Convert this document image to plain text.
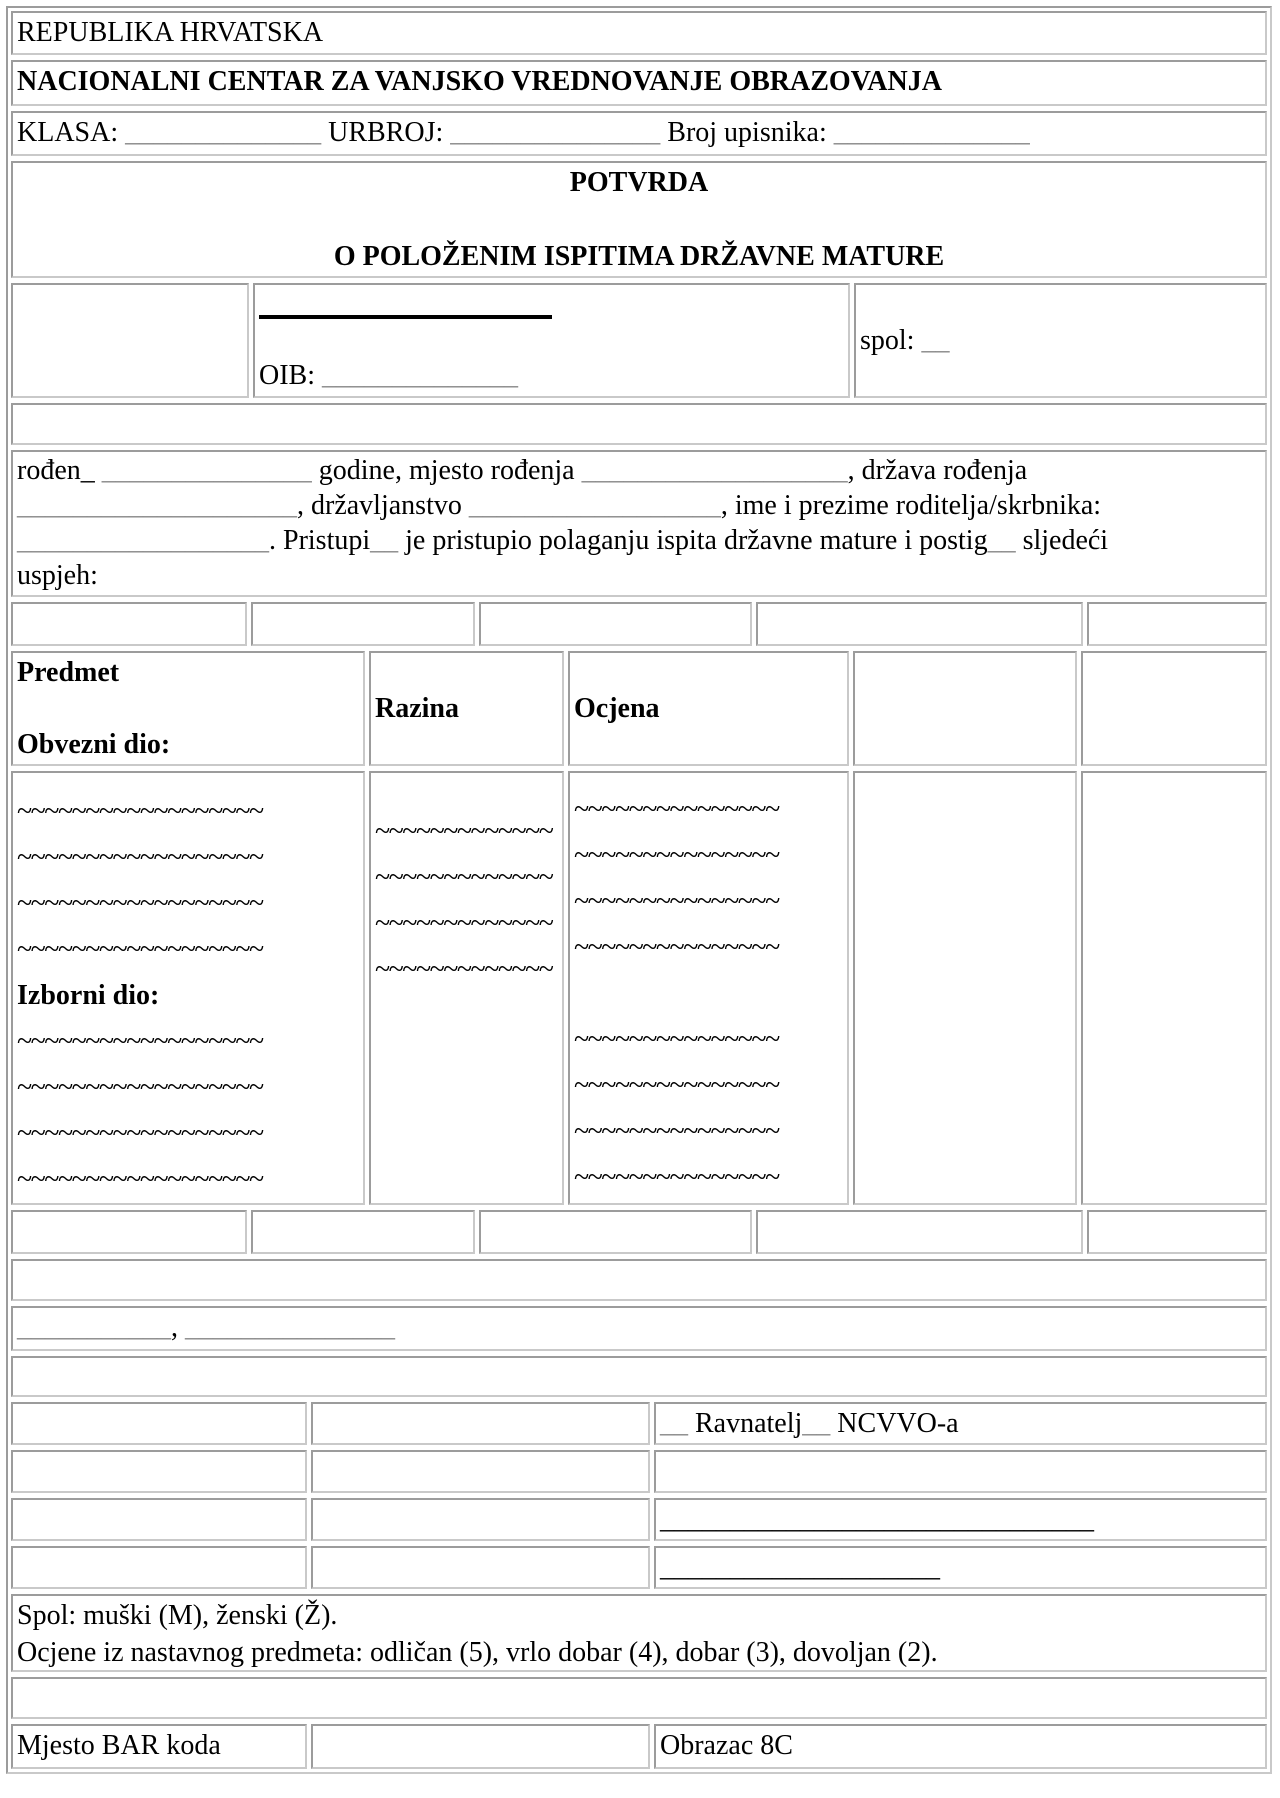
REPUBLIKA HRVATSKA
NACIONALNI CENTAR ZA VANJSKO VREDNOVANJE OBRAZOVANJA
KLASA: ______________ URBROJ: _______________ Broj upisnika: ______________
POTVRDA

O POLOŽENIM ISPITIMA DRŽAVNE MATURE
OIB: ______________
spol: __
rođen_ _______________ godine, mjesto rođenja ___________________, država rođenja
____________________, državljanstvo __________________, ime i prezime roditelja/skrbnika:
__________________. Pristupi__ je pristupio polaganju ispita državne mature i postig__ sljedeći
uspjeh:
Predmet

Obvezni dio:
Razina	Ocjena
~~~~~~~~~~~~~~~~~~
~~~~~~~~~~~~~~~~~~
~~~~~~~~~~~~~~~~~~
~~~~~~~~~~~~~~~~~~
Izborni dio:
~~~~~~~~~~~~~~~~~~
~~~~~~~~~~~~~~~~~~
~~~~~~~~~~~~~~~~~~
~~~~~~~~~~~~~~~~~~
~~~~~~~~~~~~~
~~~~~~~~~~~~~
~~~~~~~~~~~~~
~~~~~~~~~~~~~
~~~~~~~~~~~~~~~
~~~~~~~~~~~~~~~
~~~~~~~~~~~~~~~
~~~~~~~~~~~~~~~

~~~~~~~~~~~~~~~
~~~~~~~~~~~~~~~
~~~~~~~~~~~~~~~
~~~~~~~~~~~~~~~
___________, _______________
__ Ravnatelj__ NCVVO-a
_______________________________
____________________
Spol: muški (M), ženski (Ž).
Ocjene iz nastavnog predmeta: odličan (5), vrlo dobar (4), dobar (3), dovoljan (2).
Mjesto BAR koda	Obrazac 8C
